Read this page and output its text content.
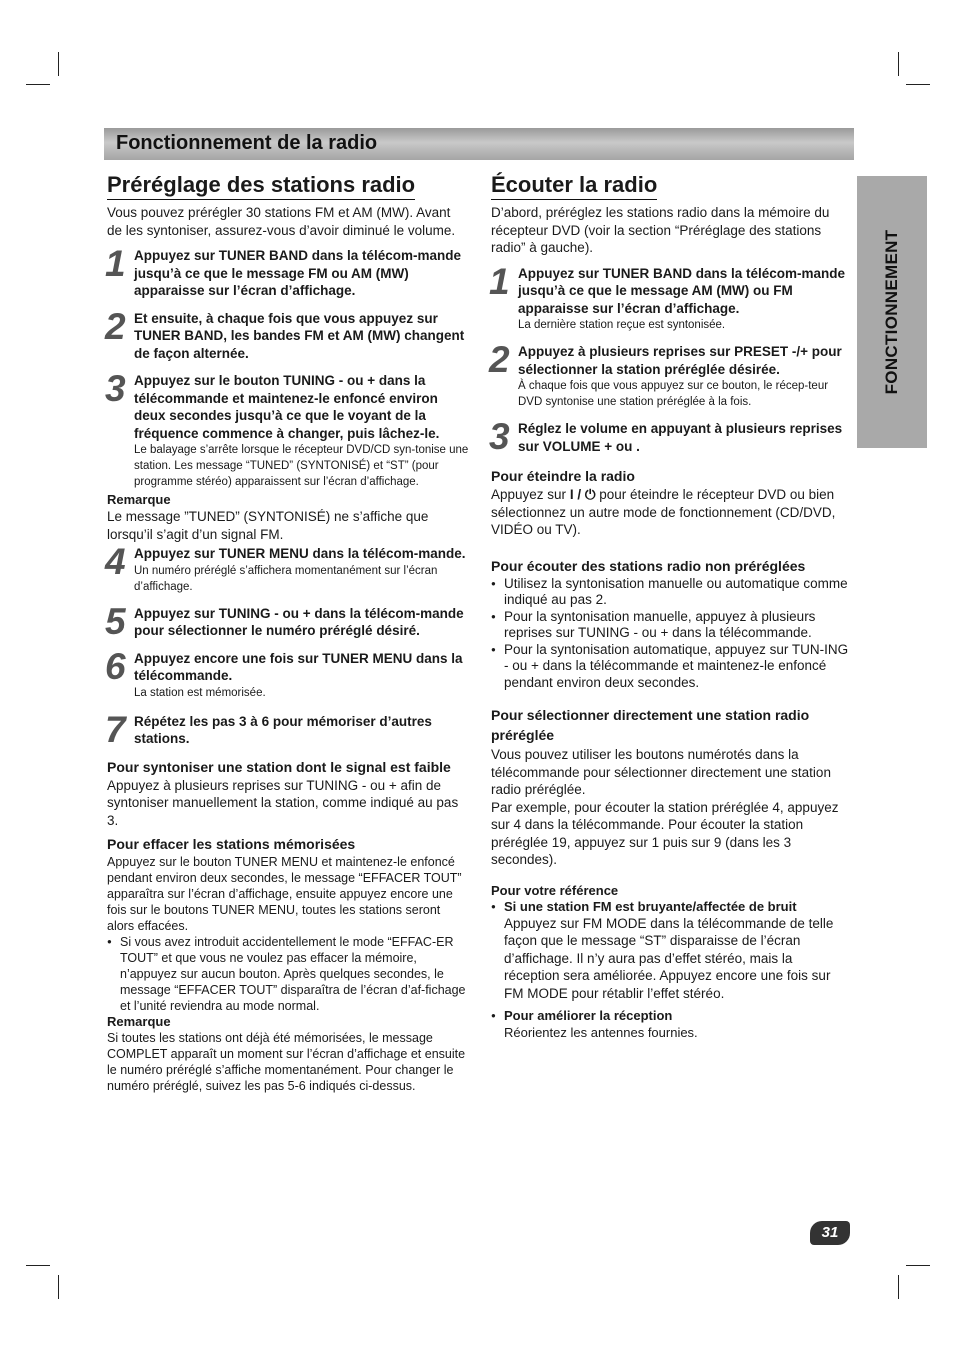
Fonctionnement de la radio
FONCTIONNEMENT
Préréglage des stations radio

Vous pouvez prérégler 30 stations FM et AM (MW). Avant de les syntoniser, assurez-vous d’avoir diminué le volume.

1 Appuyez sur TUNER BAND dans la télécom-mande jusqu’à ce que le message FM ou AM (MW) apparaisse sur l’écran d’affichage.

2 Et ensuite, à chaque fois que vous appuyez sur TUNER BAND, les bandes FM et AM (MW) changent de façon alternée.

3 Appuyez sur le bouton TUNING - ou + dans la télécommande et maintenez-le enfoncé environ deux secondes jusqu’à ce que le voyant de la fréquence commence à changer, puis lâchez-le.

Le balayage s’arrête lorsque le récepteur DVD/CD syn-tonise une station. Les message “TUNED” (SYNTONISÉ) et “ST” (pour programme stéréo) apparaissent sur l’écran d’affichage.

Remarque

Le message ”TUNED” (SYNTONISÉ) ne s’affiche que lorsqu’il s’agit d’un signal FM.

4 Appuyez sur TUNER MENU dans la télécom-mande.

Un numéro préréglé s’affichera momentanément sur l’écran d’affichage.

5 Appuyez sur TUNING - ou + dans la télécom-mande pour sélectionner le numéro préréglé désiré.

6 Appuyez encore une fois sur TUNER MENU dans la télécommande.

La station est mémorisée.

7 Répétez les pas 3 à 6 pour mémoriser d’autres stations.

Pour syntoniser une station dont le signal est faible

Appuyez à plusieurs reprises sur TUNING - ou + afin de syntoniser manuellement la station, comme indiqué au pas 3.

Pour effacer les stations mémorisées

Appuyez sur le bouton TUNER MENU et maintenez-le enfoncé pendant environ deux secondes, le message “EFFACER TOUT” apparaîtra sur l’écran d’affichage, ensuite appuyez encore une fois sur le boutons TUNER MENU, toutes les stations seront alors effacées.

● Si vous avez introduit accidentellement le mode “EFFAC-ER TOUT” et que vous ne voulez pas effacer la mémoire, n’appuyez sur aucun bouton. Après quelques secondes, le message “EFFACER TOUT” disparaîtra de l’écran d’af-fichage et l’unité reviendra au mode normal.
Remarque

Si toutes les stations ont déjà été mémorisées, le message COMPLET apparaît un moment sur l’écran d’affichage et ensuite le numéro préréglé s’affiche momentanément. Pour changer le numéro préréglé, suivez les pas 5-6 indiqués ci-dessus.

Écouter la radio

D’abord, préréglez les stations radio dans la mémoire du récepteur DVD (voir la section “Préréglage des stations radio” à gauche).

1 Appuyez sur TUNER BAND dans la télécom-mande jusqu’à ce que le message AM (MW) ou FM apparaisse sur l’écran d’affichage.

La dernière station reçue est syntonisée.

2 Appuyez à plusieurs reprises sur PRESET -/+ pour sélectionner la station préréglée désirée.

À chaque fois que vous appuyez sur ce bouton, le récep-teur DVD syntonise une station préréglée à la fois.

3 Réglez le volume en appuyant à plusieurs reprises sur VOLUME + ou .

Pour éteindre la radio

Appuyez sur I / ⏻ pour éteindre le récepteur DVD ou bien sélectionnez un autre mode de fonctionnement (CD/DVD, VIDÉO ou TV).

Pour écouter des stations radio non préréglées
● Utilisez la syntonisation manuelle ou automatique comme indiqué au pas 2.
● Pour la syntonisation manuelle, appuyez à plusieurs reprises sur TUNING - ou + dans la télécommande.
● Pour la syntonisation automatique, appuyez sur TUN-ING - ou + dans la télécommande et maintenez-le enfoncé pendant environ deux secondes.
Pour sélectionner directement une station radio préréglée

Vous pouvez utiliser les boutons numérotés dans la télécommande pour sélectionner directement une station radio préréglée.

Par exemple, pour écouter la station préréglée 4, appuyez sur 4 dans la télécommande. Pour écouter la station préréglée 19, appuyez sur 1 puis sur 9 (dans les 3 secondes).

Pour votre référence
● Si une station FM est bruyante/affectée de bruit

Appuyez sur FM MODE dans la télécommande de telle façon que le message “ST” disparaisse de l’écran d’affichage. Il n’y aura pas d’effet stéréo, mais la réception sera améliorée. Appuyez encore une fois sur FM MODE pour rétablir l’effet stéréo.

● Pour améliorer la réception

Réorientez les antennes fournies.

31
